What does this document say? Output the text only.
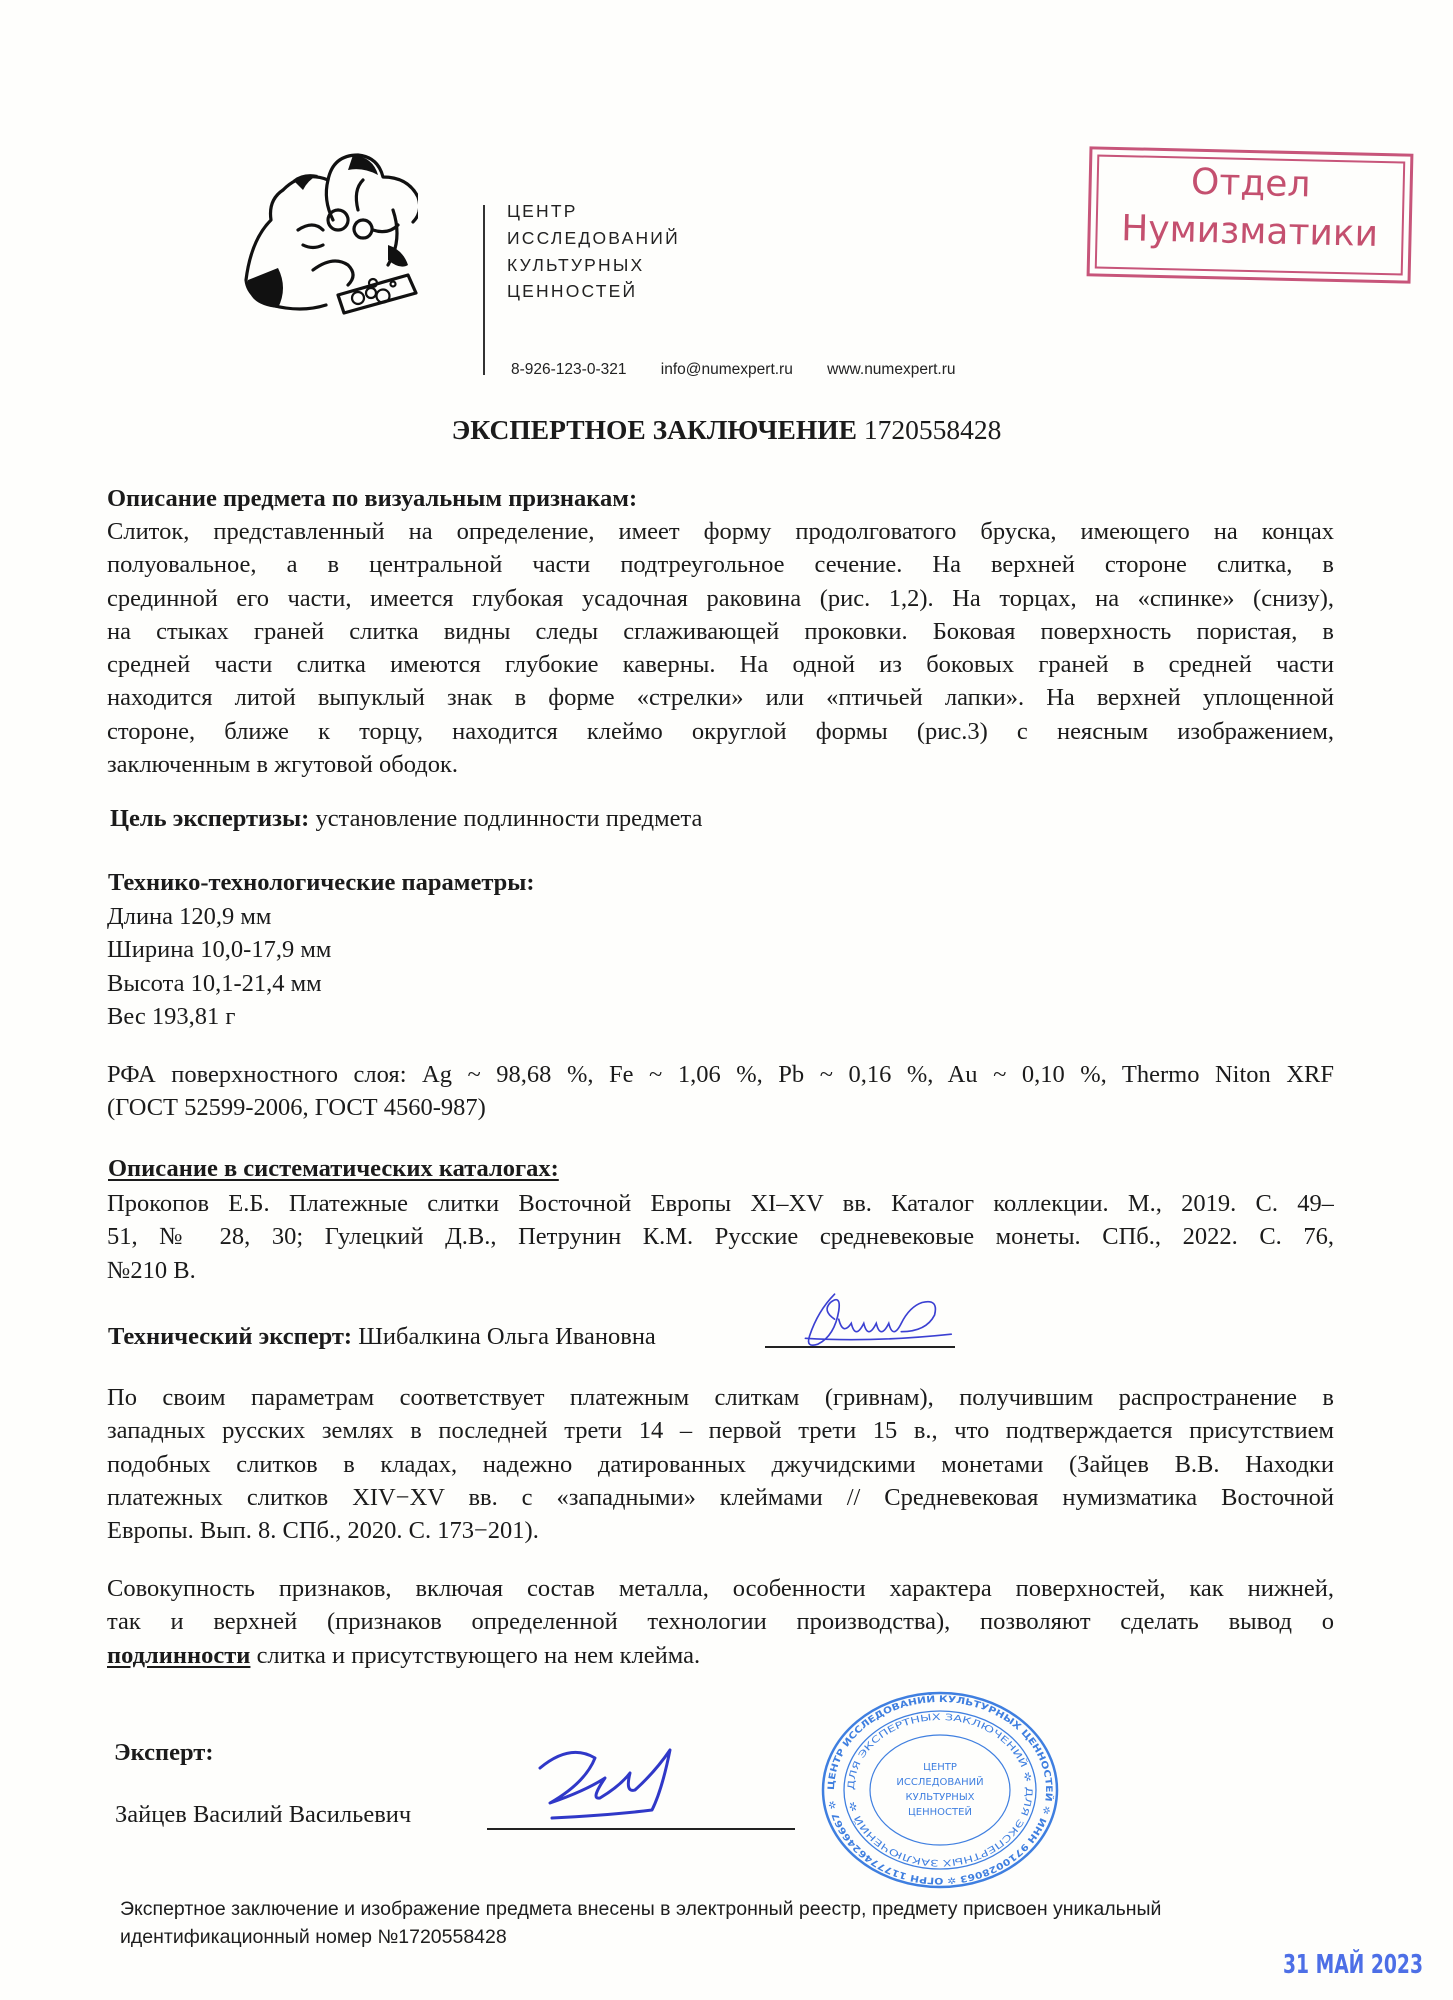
ЦЕНТР
ИССЛЕДОВАНИЙ
КУЛЬТУРНЫХ
ЦЕННОСТЕЙ
8-926-123-0-321 info@numexpert.ru www.numexpert.ru
Отдел
Нумизматики
ЭКСПЕРТНОЕ ЗАКЛЮЧЕНИЕ 1720558428
Описание предмета по визуальным признакам:
Слиток, представленный на определение, имеет форму продолговатого бруска, имеющего на концах
полуовальное, а в центральной части подтреугольное сечение. На верхней стороне слитка, в
срединной его части, имеется глубокая усадочная раковина (рис. 1,2). На торцах, на «спинке» (снизу),
на стыках граней слитка видны следы сглаживающей проковки. Боковая поверхность пористая, в
средней части слитка имеются глубокие каверны. На одной из боковых граней в средней части
находится литой выпуклый знак в форме «стрелки» или «птичьей лапки». На верхней уплощенной
стороне, ближе к торцу, находится клеймо округлой формы (рис.3) с неясным изображением,
заключенным в жгутовой ободок.
Цель экспертизы: установление подлинности предмета
Технико-технологические параметры:
Длина 120,9 мм
Ширина 10,0-17,9 мм
Высота 10,1-21,4 мм
Вес 193,81 г
РФА поверхностного слоя: Ag ~ 98,68 %, Fe ~ 1,06 %, Pb ~ 0,16 %, Au ~ 0,10 %, Thermo Niton XRF
(ГОСТ 52599-2006, ГОСТ 4560-987)
Описание в систематических каталогах:
Прокопов Е.Б. Платежные слитки Восточной Европы XI–XV вв. Каталог коллекции. М., 2019. С. 49–
51, № 28, 30; Гулецкий Д.В., Петрунин К.М. Русские средневековые монеты. СПб., 2022. С. 76,
№210 В.
Технический эксперт: Шибалкина Ольга Ивановна
По своим параметрам соответствует платежным слиткам (гривнам), получившим распространение в
западных русских землях в последней трети 14 – первой трети 15 в., что подтверждается присутствием
подобных слитков в кладах, надежно датированных джучидскими монетами (Зайцев В.В. Находки
платежных слитков XIV−XV вв. с «западными» клеймами // Средневековая нумизматика Восточной
Европы. Вып. 8. СПб., 2020. С. 173−201).
Совокупность признаков, включая состав металла, особенности характера поверхностей, как нижней,
так и верхней (признаков определенной технологии производства), позволяют сделать вывод о
подлинности слитка и присутствующего на нем клейма.
Эксперт:
Зайцев Василий Васильевич
ЦЕНТР ИССЛЕДОВАНИЙ КУЛЬТУРНЫХ ЦЕННОСТЕЙ ✲ ИНН 9710028063 ✲ ОГРН 1177746246667 ✲
ДЛЯ ЭКСПЕРТНЫХ ЗАКЛЮЧЕНИЙ ✲ ДЛЯ ЭКСПЕРТНЫХ ЗАКЛЮЧЕНИЙ ✲
ЦЕНТР
ИССЛЕДОВАНИЙ
КУЛЬТУРНЫХ
ЦЕННОСТЕЙ
Экспертное заключение и изображение предмета внесены в электронный реестр, предмету присвоен уникальный
идентификационный номер №1720558428
31 МАЙ 2023
